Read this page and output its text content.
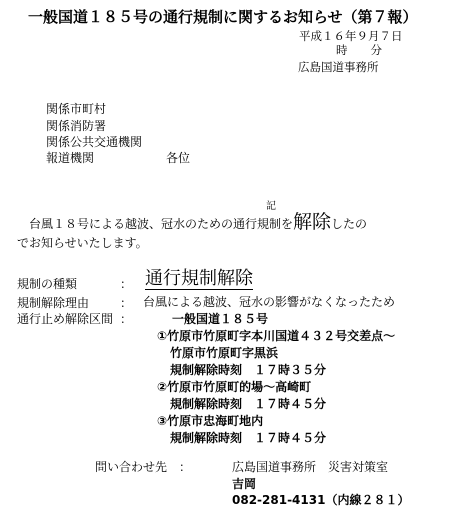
一般国道１８５号の通行規制に関するお知らせ（第７報）
平成１６年９月７日
時　　分
広島国道事務所
関係市町村
関係消防署
関係公共交通機関
報道機関	各位
記
台風１８号による越波、冠水のための通行規制を解除したの
でお知らせいたします。
規制の種類	： 通行規制解除
規制解除理由	： 台風による越波、冠水の影響がなくなったため
通行止め解除区間 ：	一般国道１８５号
①竹原市竹原町字本川国道４３２号交差点～
竹原市竹原町字黒浜
規制解除時刻　１７時３５分
②竹原市竹原町的場～高崎町
規制解除時刻　１７時４５分
③竹原市忠海町地内
規制解除時刻　１７時４５分
問い合わせ先　：	広島国道事務所　災害対策室
吉岡
082-281-4131（内線２８１）
